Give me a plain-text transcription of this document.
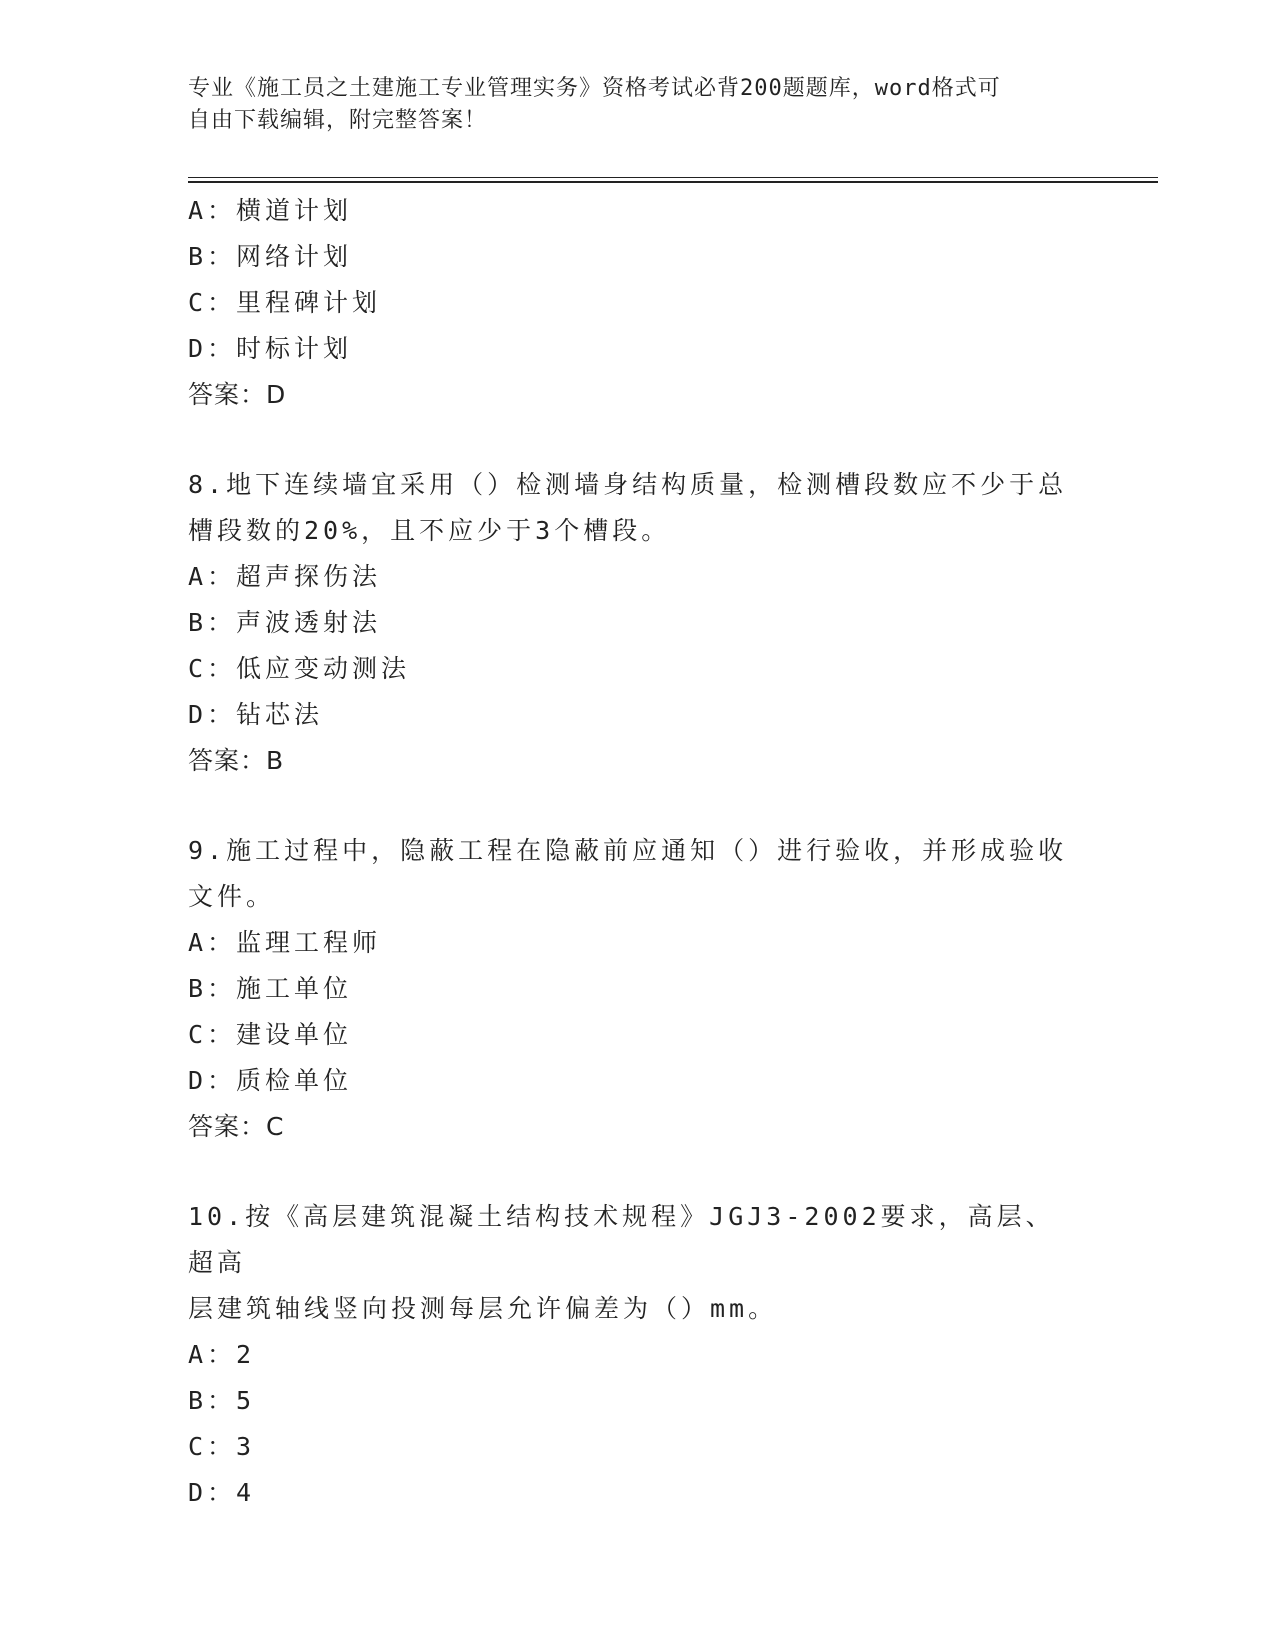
专业《施工员之土建施工专业管理实务》资格考试必背200题题库，word格式可
自由下载编辑，附完整答案！
A：横道计划
B：网络计划
C：里程碑计划
D：时标计划
答案：D
8.地下连续墙宜采用（）检测墙身结构质量，检测槽段数应不少于总
槽段数的20%，且不应少于3个槽段。
A：超声探伤法
B：声波透射法
C：低应变动测法
D：钻芯法
答案：B
9.施工过程中，隐蔽工程在隐蔽前应通知（）进行验收，并形成验收
文件。
A：监理工程师
B：施工单位
C：建设单位
D：质检单位
答案：C
10.按《高层建筑混凝土结构技术规程》JGJ3-2002要求，高层、超高
层建筑轴线竖向投测每层允许偏差为（）mm。
A：2
B：5
C：3
D：4
